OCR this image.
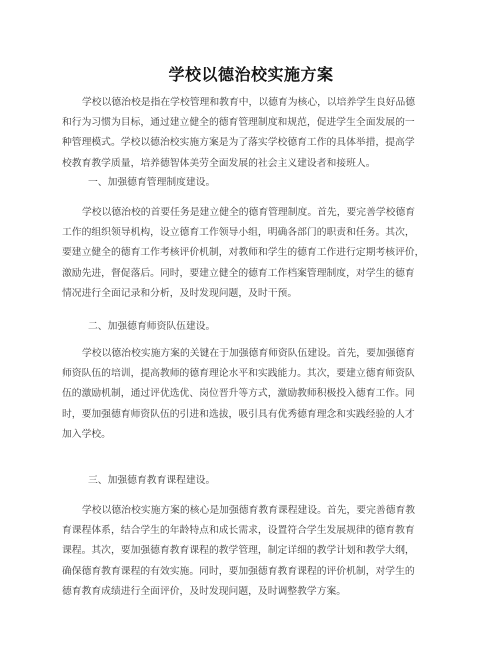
学校以德治校实施方案
学校以德治校是指在学校管理和教育中，以德育为核心，以培养学生良好品德
和行为习惯为目标，通过建立健全的德育管理制度和规范，促进学生全面发展的一
种管理模式。学校以德治校实施方案是为了落实学校德育工作的具体举措，提高学
校教育教学质量，培养德智体美劳全面发展的社会主义建设者和接班人。
一、加强德育管理制度建设。
学校以德治校的首要任务是建立健全的德育管理制度。首先，要完善学校德育
工作的组织领导机构，设立德育工作领导小组，明确各部门的职责和任务。其次，
要建立健全的德育工作考核评价机制，对教师和学生的德育工作进行定期考核评价，
激励先进，督促落后。同时，要建立健全的德育工作档案管理制度，对学生的德育
情况进行全面记录和分析，及时发现问题，及时干预。
二、加强德育师资队伍建设。
学校以德治校实施方案的关键在于加强德育师资队伍建设。首先，要加强德育
师资队伍的培训，提高教师的德育理论水平和实践能力。其次，要建立德育师资队
伍的激励机制，通过评优选优、岗位晋升等方式，激励教师积极投入德育工作。同
时，要加强德育师资队伍的引进和选拔，吸引具有优秀德育理念和实践经验的人才
加入学校。
三、加强德育教育课程建设。
学校以德治校实施方案的核心是加强德育教育课程建设。首先，要完善德育教
育课程体系，结合学生的年龄特点和成长需求，设置符合学生发展规律的德育教育
课程。其次，要加强德育教育课程的教学管理，制定详细的教学计划和教学大纲，
确保德育教育课程的有效实施。同时，要加强德育教育课程的评价机制，对学生的
德育教育成绩进行全面评价，及时发现问题，及时调整教学方案。
